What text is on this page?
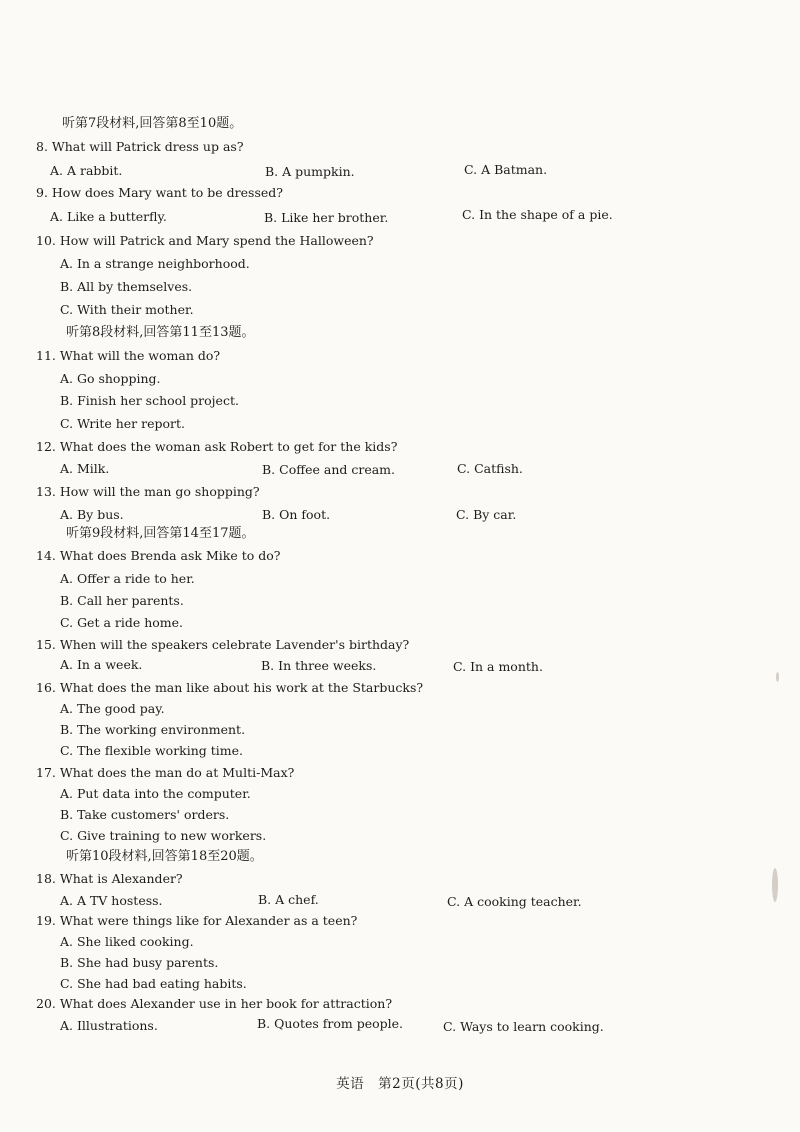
听第7段材料,回答第8至10题。
8. What will Patrick dress up as?
A. A rabbit.	B. A pumpkin.	C. A Batman.
9. How does Mary want to be dressed?
A. Like a butterfly.	B. Like her brother.	C. In the shape of a pie.
10. How will Patrick and Mary spend the Halloween?
A. In a strange neighborhood.
B. All by themselves.
C. With their mother.
听第8段材料,回答第11至13题。
11. What will the woman do?
A. Go shopping.
B. Finish her school project.
C. Write her report.
12. What does the woman ask Robert to get for the kids?
A. Milk.	B. Coffee and cream.	C. Catfish.
13. How will the man go shopping?
A. By bus.	B. On foot.	C. By car.
听第9段材料,回答第14至17题。
14. What does Brenda ask Mike to do?
A. Offer a ride to her.
B. Call her parents.
C. Get a ride home.
15. When will the speakers celebrate Lavender's birthday?
A. In a week.	B. In three weeks.	C. In a month.
16. What does the man like about his work at the Starbucks?
A. The good pay.
B. The working environment.
C. The flexible working time.
17. What does the man do at Multi-Max?
A. Put data into the computer.
B. Take customers' orders.
C. Give training to new workers.
听第10段材料,回答第18至20题。
18. What is Alexander?
A. A TV hostess.	B. A chef.	C. A cooking teacher.
19. What were things like for Alexander as a teen?
A. She liked cooking.
B. She had busy parents.
C. She had bad eating habits.
20. What does Alexander use in her book for attraction?
A. Illustrations.	B. Quotes from people.	C. Ways to learn cooking.
英语　第2页(共8页)
